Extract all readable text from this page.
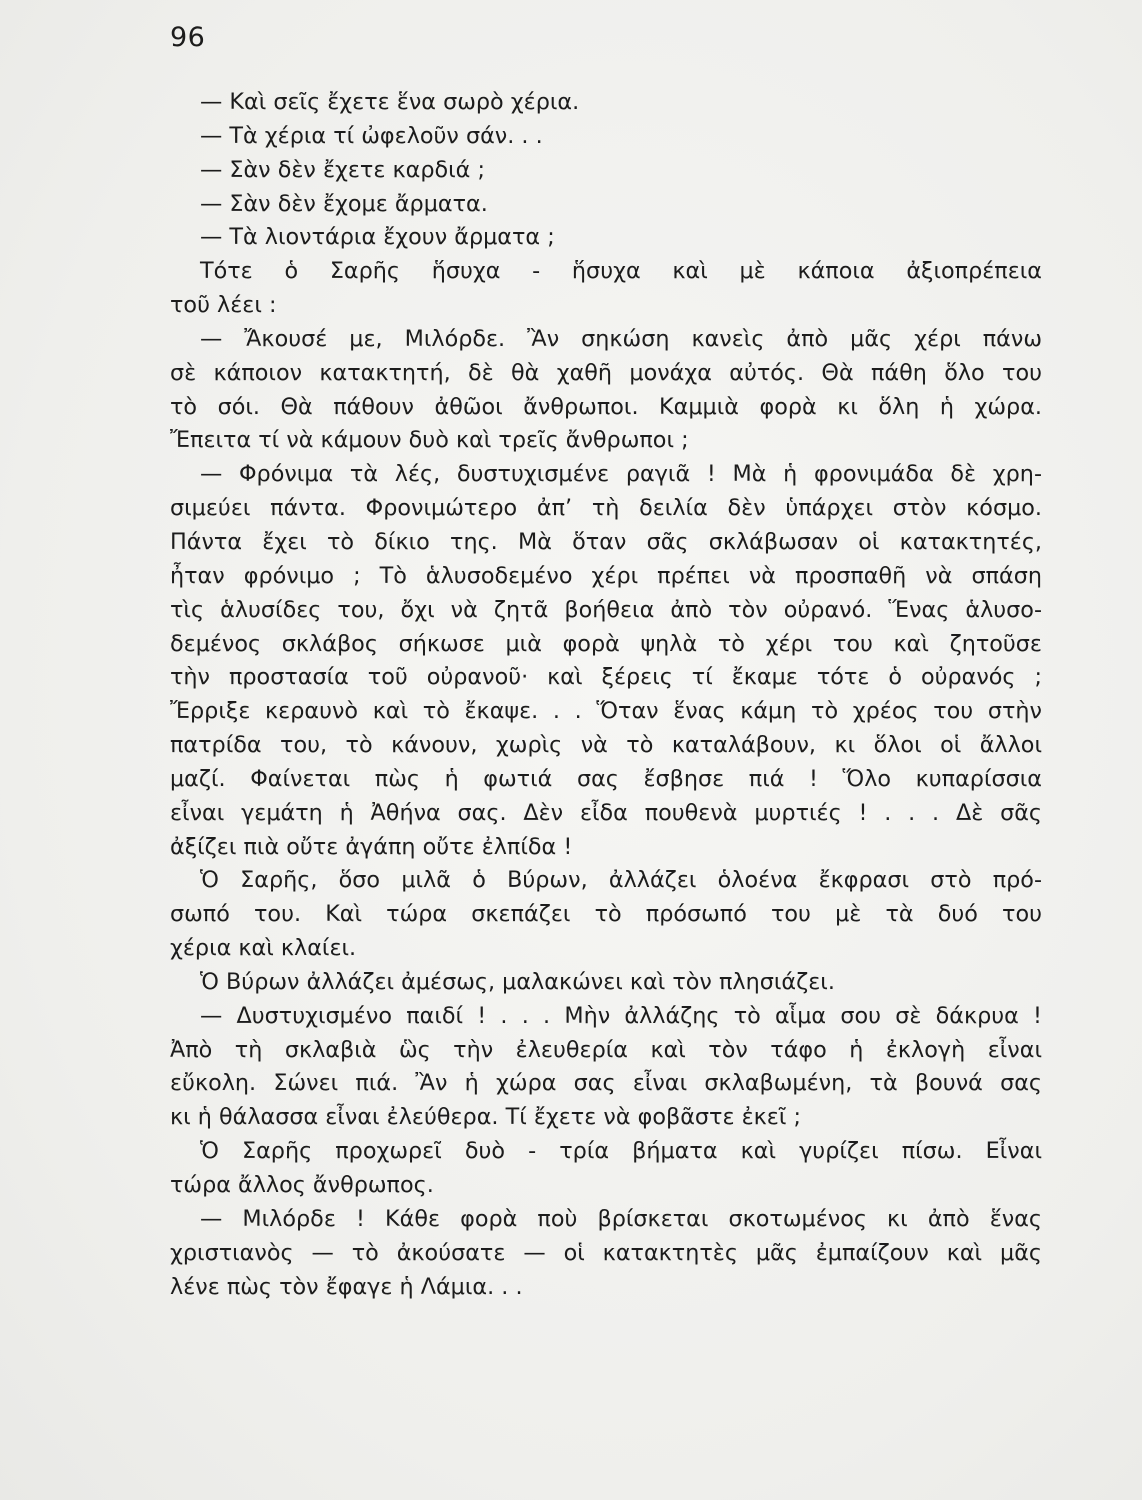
96
— Καὶ σεῖς ἔχετε ἕνα σωρὸ χέρια.
— Τὰ χέρια τί ὠφελοῦν σάν. . .
— Σὰν δὲν ἔχετε καρδιά ;
— Σὰν δὲν ἔχομε ἄρματα.
— Τὰ λιοντάρια ἔχουν ἄρματα ;
Τότε ὁ Σαρῆς ἥσυχα - ἥσυχα καὶ μὲ κάποια ἀξιοπρέπεια
τοῦ λέει :
— Ἄκουσέ με, Μιλόρδε. Ἂν σηκώση κανεὶς ἀπὸ μᾶς χέρι πάνω
σὲ κάποιον κατακτητή, δὲ θὰ χαθῆ μονάχα αὐτός. Θὰ πάθη ὅλο του
τὸ σόι. Θὰ πάθουν ἀθῶοι ἄνθρωποι. Καμμιὰ φορὰ κι ὅλη ἡ χώρα.
Ἔπειτα τί νὰ κάμουν δυὸ καὶ τρεῖς ἄνθρωποι ;
— Φρόνιμα τὰ λές, δυστυχισμένε ραγιᾶ ! Μὰ ἡ φρονιμάδα δὲ χρη-
σιμεύει πάντα. Φρονιμώτερο ἀπ’ τὴ δειλία δὲν ὑπάρχει στὸν κόσμο.
Πάντα ἔχει τὸ δίκιο της. Μὰ ὅταν σᾶς σκλάβωσαν οἱ κατακτητές,
ἦταν φρόνιμο ; Τὸ ἁλυσοδεμένο χέρι πρέπει νὰ προσπαθῆ νὰ σπάση
τὶς ἁλυσίδες του, ὄχι νὰ ζητᾶ βοήθεια ἀπὸ τὸν οὐρανό. Ἕνας ἁλυσο-
δεμένος σκλάβος σήκωσε μιὰ φορὰ ψηλὰ τὸ χέρι του καὶ ζητοῦσε
τὴν προστασία τοῦ οὐρανοῦ· καὶ ξέρεις τί ἔκαμε τότε ὁ οὐρανός ;
Ἔρριξε κεραυνὸ καὶ τὸ ἔκαψε. . . Ὅταν ἕνας κάμη τὸ χρέος του στὴν
πατρίδα του, τὸ κάνουν, χωρὶς νὰ τὸ καταλάβουν, κι ὅλοι οἱ ἄλλοι
μαζί. Φαίνεται πὼς ἡ φωτιά σας ἔσβησε πιά ! Ὅλο κυπαρίσσια
εἶναι γεμάτη ἡ Ἀθήνα σας. Δὲν εἶδα πουθενὰ μυρτιές ! . . . Δὲ σᾶς
ἀξίζει πιὰ οὔτε ἀγάπη οὔτε ἐλπίδα !
Ὁ Σαρῆς, ὅσο μιλᾶ ὁ Βύρων, ἀλλάζει ὁλοένα ἔκφρασι στὸ πρό-
σωπό του. Καὶ τώρα σκεπάζει τὸ πρόσωπό του μὲ τὰ δυό του
χέρια καὶ κλαίει.
Ὁ Βύρων ἀλλάζει ἀμέσως, μαλακώνει καὶ τὸν πλησιάζει.
— Δυστυχισμένο παιδί ! . . . Μὴν ἀλλάζης τὸ αἷμα σου σὲ δάκρυα !
Ἀπὸ τὴ σκλαβιὰ ὣς τὴν ἐλευθερία καὶ τὸν τάφο ἡ ἐκλογὴ εἶναι
εὔκολη. Σώνει πιά. Ἂν ἡ χώρα σας εἶναι σκλαβωμένη, τὰ βουνά σας
κι ἡ θάλασσα εἶναι ἐλεύθερα. Τί ἔχετε νὰ φοβᾶστε ἐκεῖ ;
Ὁ Σαρῆς προχωρεῖ δυὸ - τρία βήματα καὶ γυρίζει πίσω. Εἶναι
τώρα ἄλλος ἄνθρωπος.
— Μιλόρδε ! Κάθε φορὰ ποὺ βρίσκεται σκοτωμένος κι ἀπὸ ἕνας
χριστιανὸς — τὸ ἀκούσατε — οἱ κατακτητὲς μᾶς ἐμπαίζουν καὶ μᾶς
λένε πὼς τὸν ἔφαγε ἡ Λάμια. . .
